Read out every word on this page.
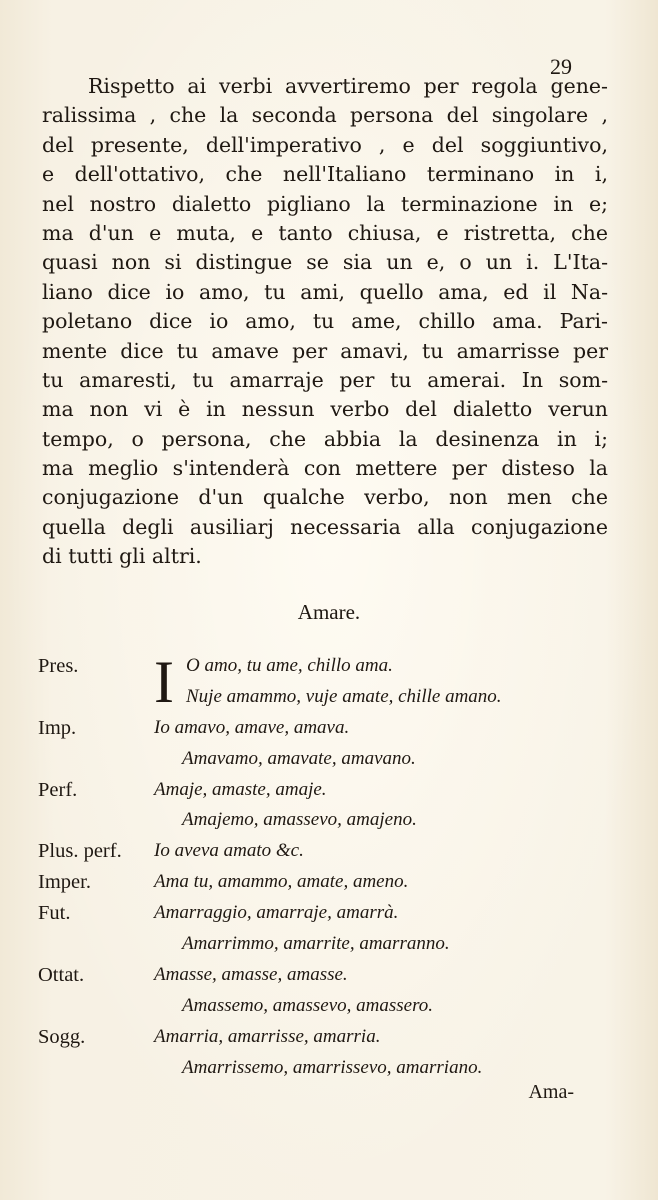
29
Rispetto ai verbi avvertiremo per regola gene-
ralissima , che la seconda persona del singolare ,
del presente, dell'imperativo , e del soggiuntivo,
e dell'ottativo, che nell'Italiano terminano in i,
nel nostro dialetto pigliano la terminazione in e;
ma d'un e muta, e tanto chiusa, e ristretta, che
quasi non si distingue se sia un e, o un i. L'Ita-
liano dice io amo, tu ami, quello ama, ed il Na-
poletano dice io amo, tu ame, chillo ama. Pari-
mente dice tu amave per amavi, tu amarrisse per
tu amaresti, tu amarraje per tu amerai. In som-
ma non vi è in nessun verbo del dialetto verun
tempo, o persona, che abbia la desinenza in i;
ma meglio s'intenderà con mettere per disteso la
conjugazione d'un qualche verbo, non men che
quella degli ausiliarj necessaria alla conjugazione
di tutti gli altri.
Amare.
Pres. I O amo, tu ame, chillo ama.
Nuje amammo, vuje amate, chille amano.
Imp.	Io amavo, amave, amava.
Amavamo, amavate, amavano.
Perf.	Amaje, amaste, amaje.
Amajemo, amassevo, amajeno.
Plus. perf. Io aveva amato &c.
Imper.	Ama tu, amammo, amate, ameno.
Fut.	Amarraggio, amarraje, amarrà.
Amarrimmo, amarrite, amarranno.
Ottat.	Amasse, amasse, amasse.
Amassemo, amassevo, amassero.
Sogg.	Amarria, amarrisse, amarria.
Amarrissemo, amarrissevo, amarriano.
Ama-
